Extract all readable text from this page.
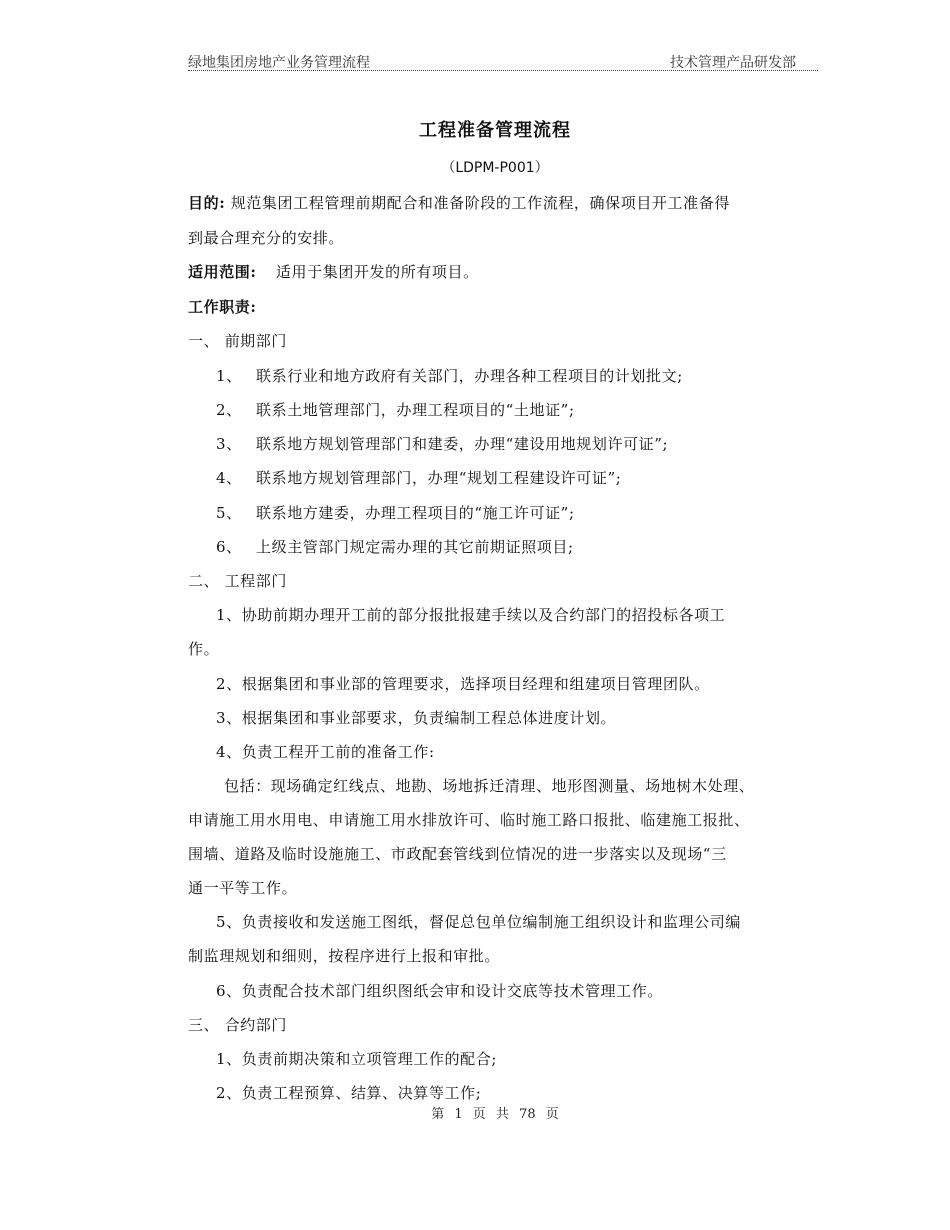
绿地集团房地产业务管理流程	技术管理产品研发部
工程准备管理流程
（LDPM-P001）
目的: 规范集团工程管理前期配合和准备阶段的工作流程，确保项目开工准备得
到最合理充分的安排。
适用范围: 适用于集团开发的所有项目。
工作职责:
一、 前期部门
1、 联系行业和地方政府有关部门，办理各种工程项目的计划批文;
2、 联系土地管理部门，办理工程项目的“土地证”;
3、 联系地方规划管理部门和建委，办理“建设用地规划许可证”;
4、 联系地方规划管理部门，办理“规划工程建设许可证”;
5、 联系地方建委，办理工程项目的“施工许可证”;
6、 上级主管部门规定需办理的其它前期证照项目;
二、 工程部门
1、协助前期办理开工前的部分报批报建手续以及合约部门的招投标各项工
作。
2、根据集团和事业部的管理要求，选择项目经理和组建项目管理团队。
3、根据集团和事业部要求，负责编制工程总体进度计划。
4、负责工程开工前的准备工作:
包括：现场确定红线点、地勘、场地拆迁清理、地形图测量、场地树木处理、
申请施工用水用电、申请施工用水排放许可、临时施工路口报批、临建施工报批、
围墙、道路及临时设施施工、市政配套管线到位情况的进一步落实以及现场“三
通一平等工作。
5、负责接收和发送施工图纸，督促总包单位编制施工组织设计和监理公司编
制监理规划和细则，按程序进行上报和审批。
6、负责配合技术部门组织图纸会审和设计交底等技术管理工作。
三、 合约部门
1、负责前期决策和立项管理工作的配合;
2、负责工程预算、结算、决算等工作;
第 1 页 共 78 页
